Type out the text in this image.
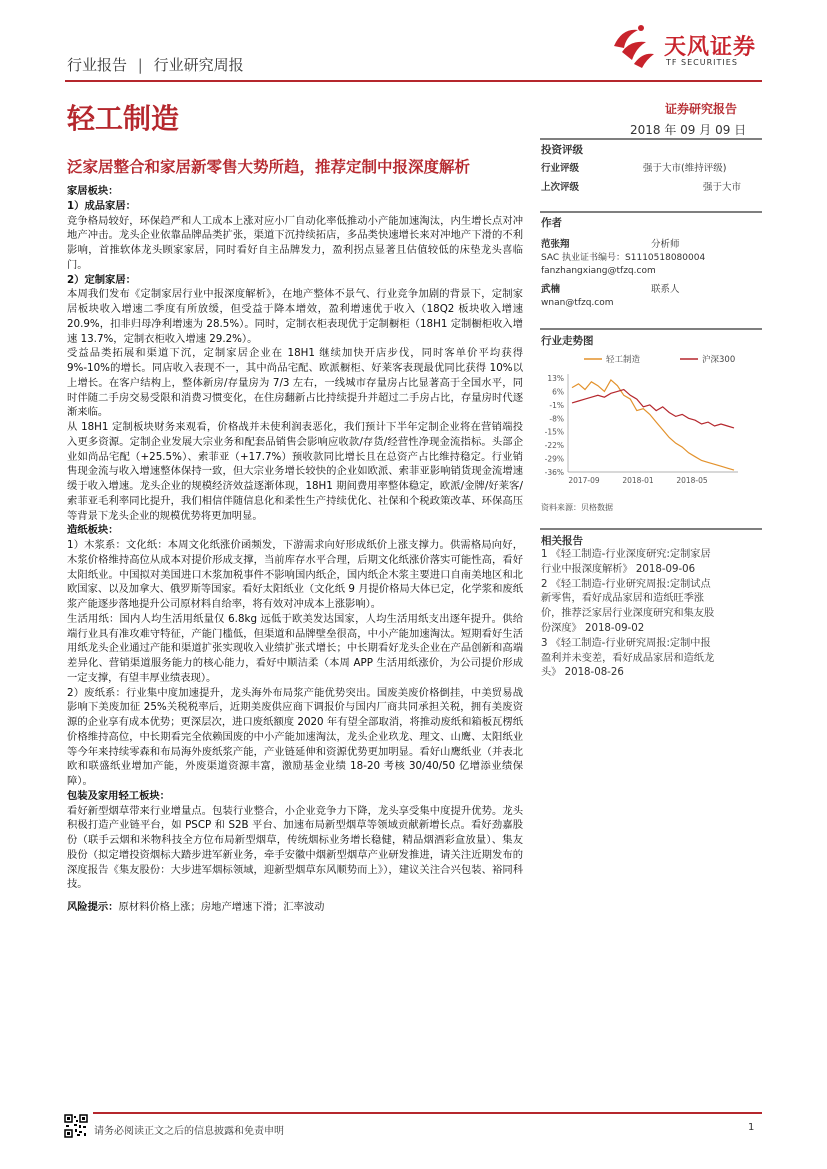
行业报告 | 行业研究周报
天风证券
TF SECURITIES
轻工制造	证券研究报告
2018 年 09 月 09 日
泛家居整合和家居新零售大势所趋，推荐定制中报深度解析
投资评级
行业评级	强于大市(维持评级)
上次评级	强于大市
作者
范张翔	分析师
SAC 执业证书编号：S1110518080004
fanzhangxiang@tfzq.com
武楠	联系人
wnan@tfzq.com
行业走势图
轻工制造	沪深300
13%
6%
-1%
-8%
-15%
-22%
-29%
-36%
2017-09	2018-01	2018-05
资料来源：贝格数据
相关报告
1 《轻工制造-行业深度研究:定制家居
行业中报深度解析》 2018-09-06
2 《轻工制造-行业研究周报:定制试点
新零售，看好成品家居和造纸旺季涨
价，推荐泛家居行业深度研究和集友股
份深度》 2018-09-02
3 《轻工制造-行业研究周报:定制中报
盈利并未变差，看好成品家居和造纸龙
头》 2018-08-26

家居板块：

1）成品家居：

竞争格局较好，环保趋严和人工成本上涨对应小厂自动化率低推动小产能加速淘汰，内生增长点对冲地产冲击。龙头企业依靠品牌品类扩张，渠道下沉持续拓店，多品类快速增长来对冲地产下滑的不利影响，首推软体龙头顾家家居，同时看好自主品牌发力，盈利拐点显著且估值较低的床垫龙头喜临门。

2）定制家居：

本周我们发布《定制家居行业中报深度解析》，在地产整体不景气、行业竞争加剧的背景下，定制家居板块收入增速二季度有所放缓，但受益于降本增效，盈利增速优于收入（18Q2 板块收入增速 20.9%，扣非归母净利增速为 28.5%）。同时，定制衣柜表现优于定制橱柜（18H1 定制橱柜收入增速 13.7%，定制衣柜收入增速 29.2%）。

受益品类拓展和渠道下沉，定制家居企业在 18H1 继续加快开店步伐，同时客单价平均获得 9%-10%的增长。同店收入表现不一，其中尚品宅配、欧派橱柜、好莱客表现最优同比获得 10%以上增长。在客户结构上，整体新房/存量房为 7/3 左右，一线城市存量房占比显著高于全国水平，同时伴随二手房交易受限和消费习惯变化，在住房翻新占比持续提升并超过二手房占比，存量房时代逐渐来临。

从 18H1 定制板块财务来观看，价格战并未使利润表恶化，我们预计下半年定制企业将在营销端投入更多资源。定制企业发展大宗业务和配套品销售会影响应收款/存货/经营性净现金流指标。头部企业如尚品宅配（+25.5%）、索菲亚（+17.7%）预收款同比增长且在总资产占比维持稳定。行业销售现金流与收入增速整体保持一致，但大宗业务增长较快的企业如欧派、索菲亚影响销货现金流增速缓于收入增速。龙头企业的规模经济效益逐渐体现，18H1 期间费用率整体稳定，欧派/金牌/好莱客/索菲亚毛利率同比提升，我们相信伴随信息化和柔性生产持续优化、社保和个税政策改革、环保高压等背景下龙头企业的规模优势将更加明显。

造纸板块：

1）木浆系：文化纸：本周文化纸涨价函频发，下游需求向好形成纸价上涨支撑力。供需格局向好，木浆价格维持高位从成本对提价形成支撑，当前库存水平合理，后期文化纸涨价落实可能性高，看好太阳纸业。中国拟对美国进口木浆加税事件不影响国内纸企，国内纸企木浆主要进口自南美地区和北欧国家、以及加拿大、俄罗斯等国家。看好太阳纸业（文化纸 9 月提价格局大体已定，化学浆和废纸浆产能逐步落地提升公司原材料自给率，将有效对冲成本上涨影响）。

生活用纸：国内人均生活用纸量仅 6.8kg 远低于欧美发达国家，人均生活用纸支出逐年提升。供给端行业具有准攻难守特征，产能门槛低，但渠道和品牌壁垒很高，中小产能加速淘汰。短期看好生活用纸龙头企业通过产能和渠道扩张实现收入业绩扩张式增长；中长期看好龙头企业在产品创新和高端差异化、营销渠道服务能力的核心能力，看好中顺洁柔（本周 APP 生活用纸涨价，为公司提价形成一定支撑，有望丰厚业绩表现）。

2）废纸系：行业集中度加速提升，龙头海外布局浆产能优势突出。国废美废价格倒挂，中美贸易战影响下美废加征 25%关税税率后，近期美废供应商下调报价与国内厂商共同承担关税，拥有美废资源的企业享有成本优势；更深层次，进口废纸额度 2020 年有望全部取消，将推动废纸和箱板瓦楞纸价格维持高位，中长期看完全依赖国废的中小产能加速淘汰，龙头企业玖龙、理文、山鹰、太阳纸业等今年来持续零森和布局海外废纸浆产能，产业链延伸和资源优势更加明显。看好山鹰纸业（并表北欧和联盛纸业增加产能，外废渠道资源丰富，激励基金业绩 18-20 考核 30/40/50 亿增添业绩保障）。

包装及家用轻工板块：

看好新型烟草带来行业增量点。包装行业整合，小企业竞争力下降，龙头享受集中度提升优势。龙头积极打造产业链平台，如 PSCP 和 S2B 平台、加速布局新型烟草等领域贡献新增长点。看好劲嘉股份（联手云烟和米物科技全方位布局新型烟草，传统烟标业务增长稳健，精品烟酒彩盒放量）、集友股份（拟定增投资烟标大踏步进军新业务，牵手安徽中烟新型烟草产业研发推进，请关注近期发布的深度报告《集友股份：大步进军烟标领域，迎新型烟草东风顺势而上》），建议关注合兴包装、裕同科技。

风险提示：原材料价格上涨；房地产增速下滑；汇率波动

请务必阅读正文之后的信息披露和免责申明	1
